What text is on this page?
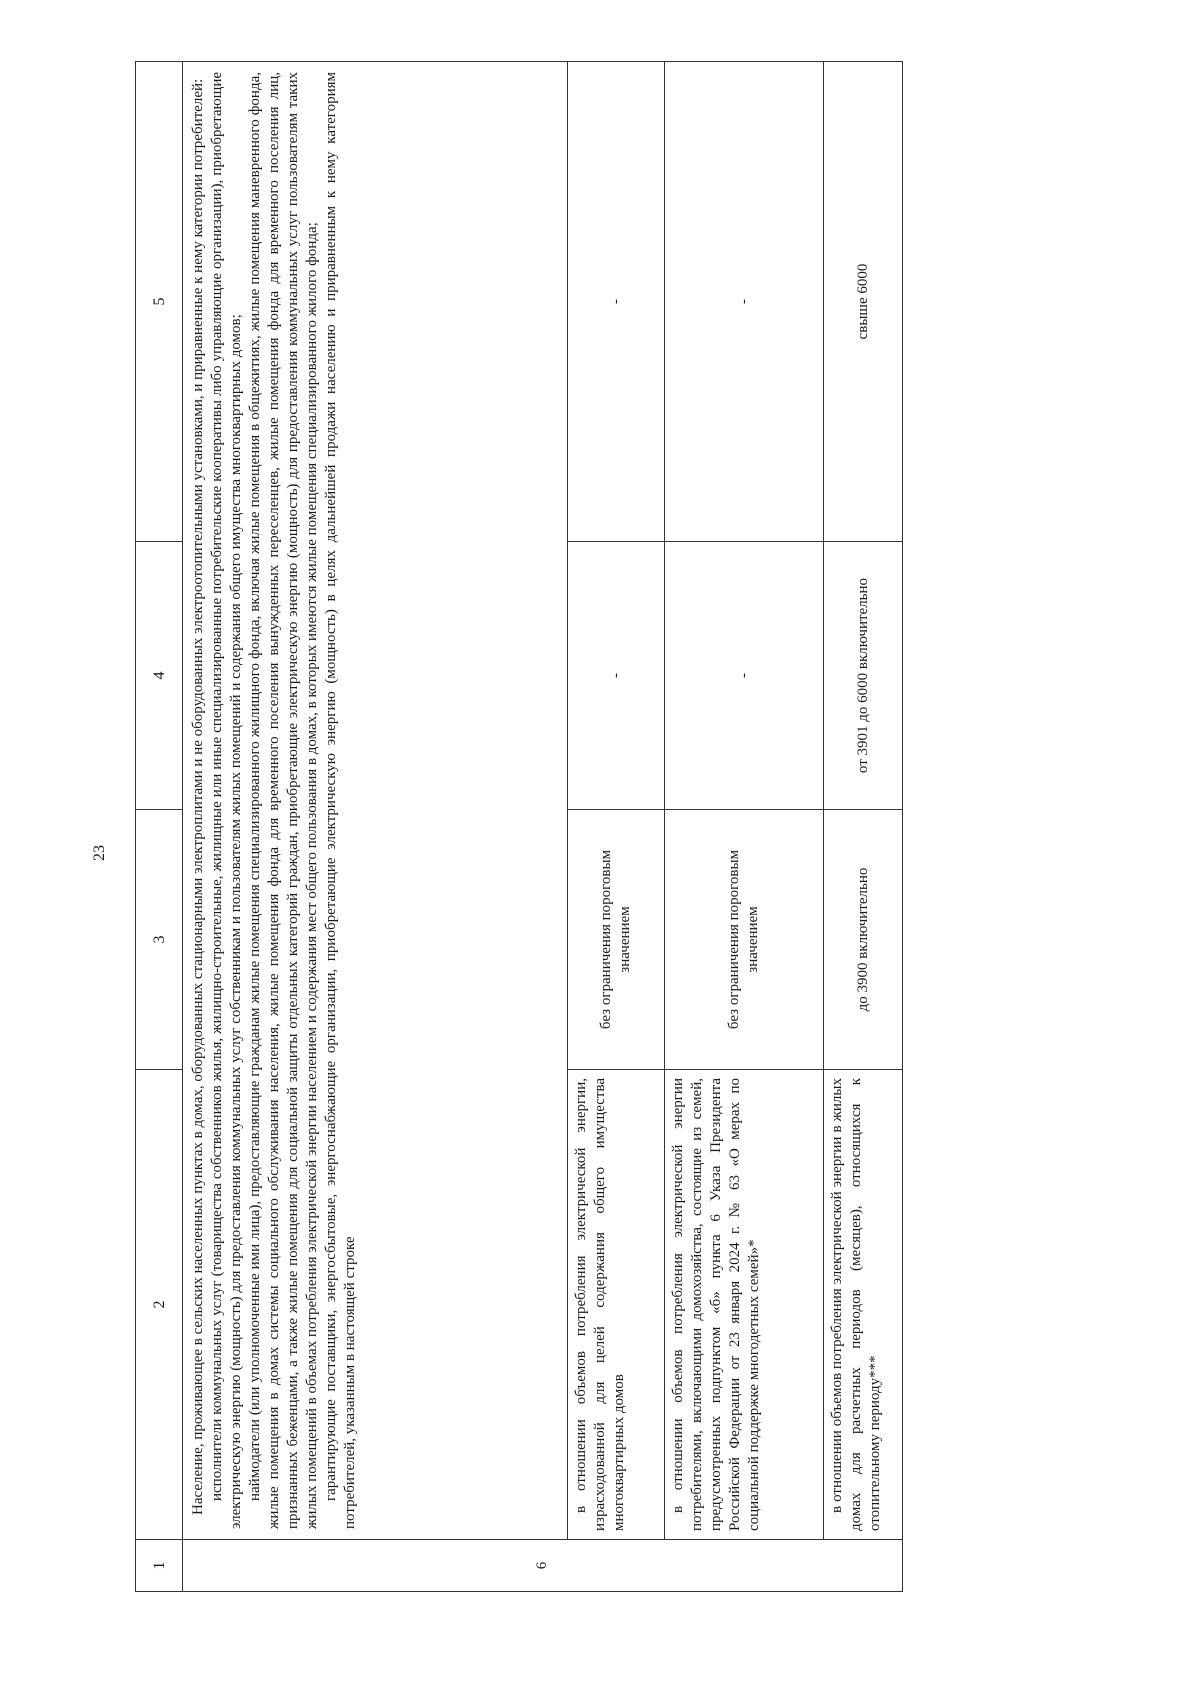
23
1	2	3	4	5
6	Население, проживающее в сельских населенных пунктах в домах, оборудованных стационарными электроплитами и не оборудованных электроотопительными установками, и приравненные к нему категории потребителей: исполнители коммунальных услуг (товарищества собственников жилья, жилищно-строительные, жилищные или иные специализированные потребительские кооперативы либо управляющие организации), приобретающие электрическую энергию (мощность) для предоставления коммунальных услуг собственникам и пользователям жилых помещений и содержания общего имущества многоквартирных домов; наймодатели (или уполномоченные ими лица), предоставляющие гражданам жилые помещения специализированного жилищного фонда, включая жилые помещения в общежитиях, жилые помещения маневренного фонда, жилые помещения в домах системы социального обслуживания населения, жилые помещения фонда для временного поселения вынужденных переселенцев, жилые помещения фонда для временного поселения лиц, признанных беженцами, а также жилые помещения для социальной защиты отдельных категорий граждан, приобретающие электрическую энергию (мощность) для предоставления коммунальных услуг пользователям таких жилых помещений в объемах потребления электрической энергии населением и содержания мест общего пользования в домах, в которых имеются жилые помещения специализированного жилого фонда; гарантирующие поставщики, энергосбытовые, энергоснабжающие организации, приобретающие электрическую энергию (мощность) в целях дальнейшей продажи населению и приравненным к нему категориям потребителей, указанным в настоящей строке			

	в отношении объемов потребления электрической энергии, израсходованной для целей содержания общего имущества многоквартирных домов	без ограничения пороговым значением	-	-
	в отношении объемов потребления электрической энергии потребителями, включающими домохозяйства, состоящие из семей, предусмотренных подпунктом «б» пункта 6 Указа Президента Российской Федерации от 23 января 2024 г. № 63 «О мерах по социальной поддержке многодетных семей»*	без ограничения пороговым значением	-	-
	в отношении объемов потребления электрической энергии в жилых домах для расчетных периодов (месяцев), относящихся к отопительному периоду***	до 3900 включительно	от 3901 до 6000 включительно	свыше 6000
